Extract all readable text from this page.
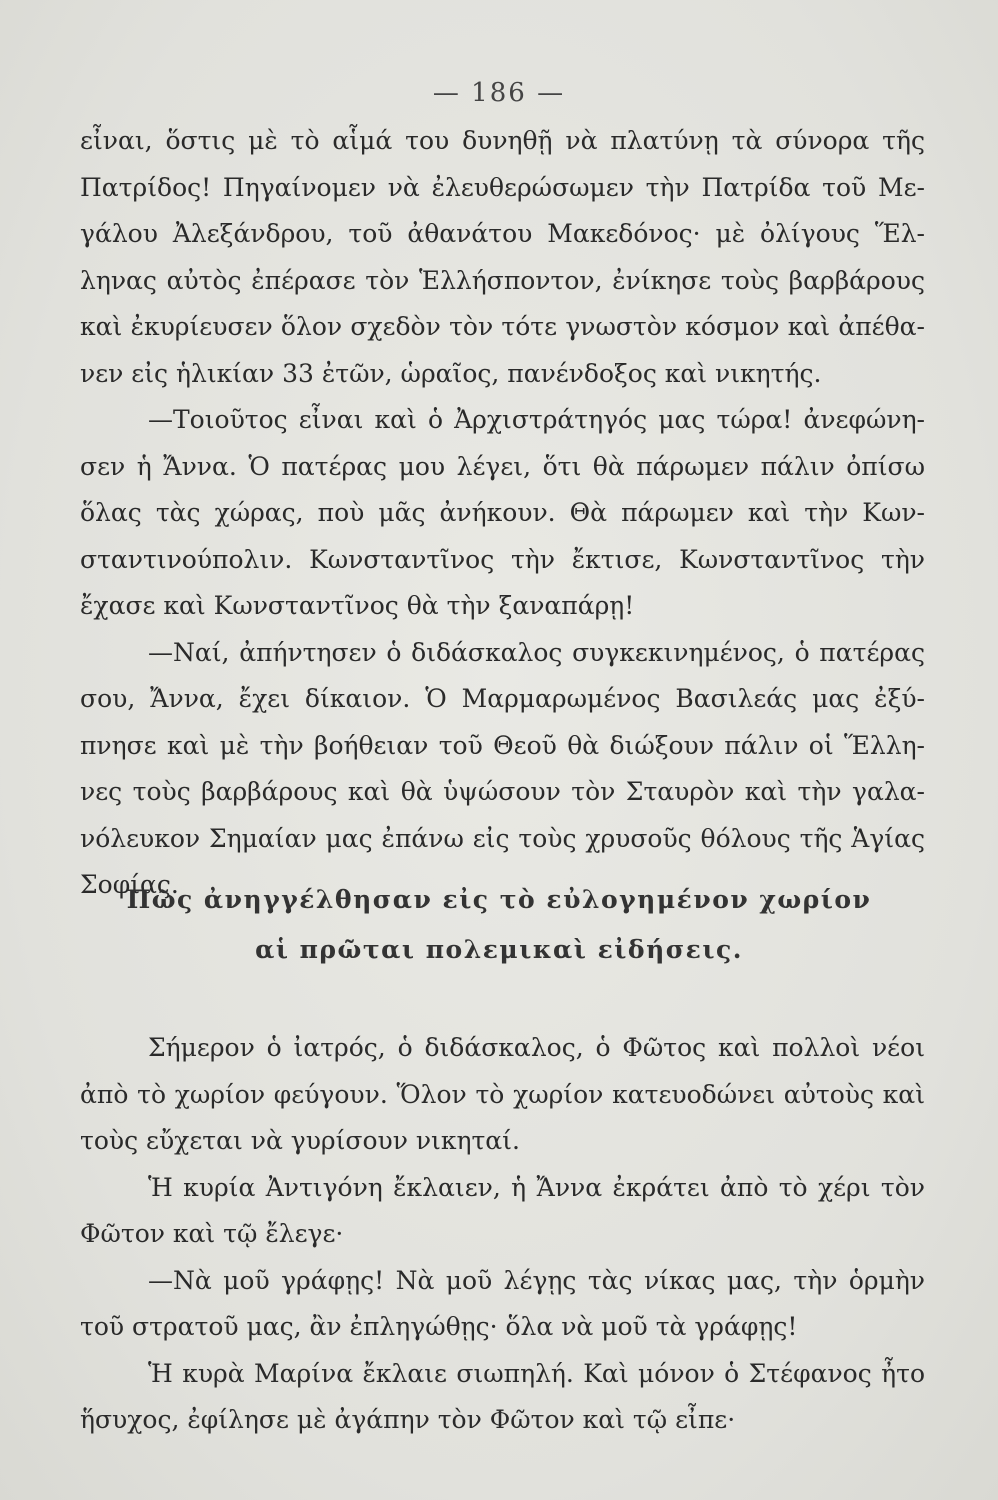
— 186 —

εἶναι, ὅστις μὲ τὸ αἷμά του δυνηθῇ νὰ πλατύνῃ τὰ σύνορα τῆς

Πατρίδος! Πηγαίνομεν νὰ ἐλευθερώσωμεν τὴν Πατρίδα τοῦ Με-

γάλου Ἀλεξάνδρου, τοῦ ἀθανάτου Μακεδόνος· μὲ ὀλίγους Ἕλ-

ληνας αὐτὸς ἐπέρασε τὸν Ἑλλήσποντον, ἐνίκησε τοὺς βαρβάρους

καὶ ἐκυρίευσεν ὅλον σχεδὸν τὸν τότε γνωστὸν κόσμον καὶ ἀπέθα-

νεν εἰς ἡλικίαν 33 ἐτῶν, ὡραῖος, πανένδοξος καὶ νικητής.

—Τοιοῦτος εἶναι καὶ ὁ Ἀρχιστράτηγός μας τώρα! ἀνεφώνη-

σεν ἡ Ἄννα. Ὁ πατέρας μου λέγει, ὅτι θὰ πάρωμεν πάλιν ὀπίσω

ὅλας τὰς χώρας, ποὺ μᾶς ἀνήκουν. Θὰ πάρωμεν καὶ τὴν Κων-

σταντινούπολιν. Κωνσταντῖνος τὴν ἔκτισε, Κωνσταντῖνος τὴν

ἔχασε καὶ Κωνσταντῖνος θὰ τὴν ξαναπάρῃ!

—Ναί, ἀπήντησεν ὁ διδάσκαλος συγκεκινημένος, ὁ πατέρας

σου, Ἄννα, ἔχει δίκαιον. Ὁ Μαρμαρωμένος Βασιλεάς μας ἐξύ-

πνησε καὶ μὲ τὴν βοήθειαν τοῦ Θεοῦ θὰ διώξουν πάλιν οἱ Ἕλλη-

νες τοὺς βαρβάρους καὶ θὰ ὑψώσουν τὸν Σταυρὸν καὶ τὴν γαλα-

νόλευκον Σημαίαν μας ἐπάνω εἰς τοὺς χρυσοῦς θόλους τῆς Ἁγίας

Σοφίας.

Πῶς ἀνηγγέλθησαν εἰς τὸ εὐλογημένον χωρίον
αἱ πρῶται πολεμικαὶ εἰδήσεις.

Σήμερον ὁ ἰατρός, ὁ διδάσκαλος, ὁ Φῶτος καὶ πολλοὶ νέοι

ἀπὸ τὸ χωρίον φεύγουν. Ὅλον τὸ χωρίον κατευοδώνει αὐτοὺς καὶ

τοὺς εὔχεται νὰ γυρίσουν νικηταί.

Ἡ κυρία Ἀντιγόνη ἔκλαιεν, ἡ Ἄννα ἐκράτει ἀπὸ τὸ χέρι τὸν

Φῶτον καὶ τῷ ἔλεγε·

—Νὰ μοῦ γράφῃς! Νὰ μοῦ λέγῃς τὰς νίκας μας, τὴν ὁρμὴν

τοῦ στρατοῦ μας, ἂν ἐπληγώθῃς· ὅλα νὰ μοῦ τὰ γράφῃς!

Ἡ κυρὰ Μαρίνα ἔκλαιε σιωπηλή. Καὶ μόνον ὁ Στέφανος ἦτο

ἥσυχος, ἐφίλησε μὲ ἀγάπην τὸν Φῶτον καὶ τῷ εἶπε·
